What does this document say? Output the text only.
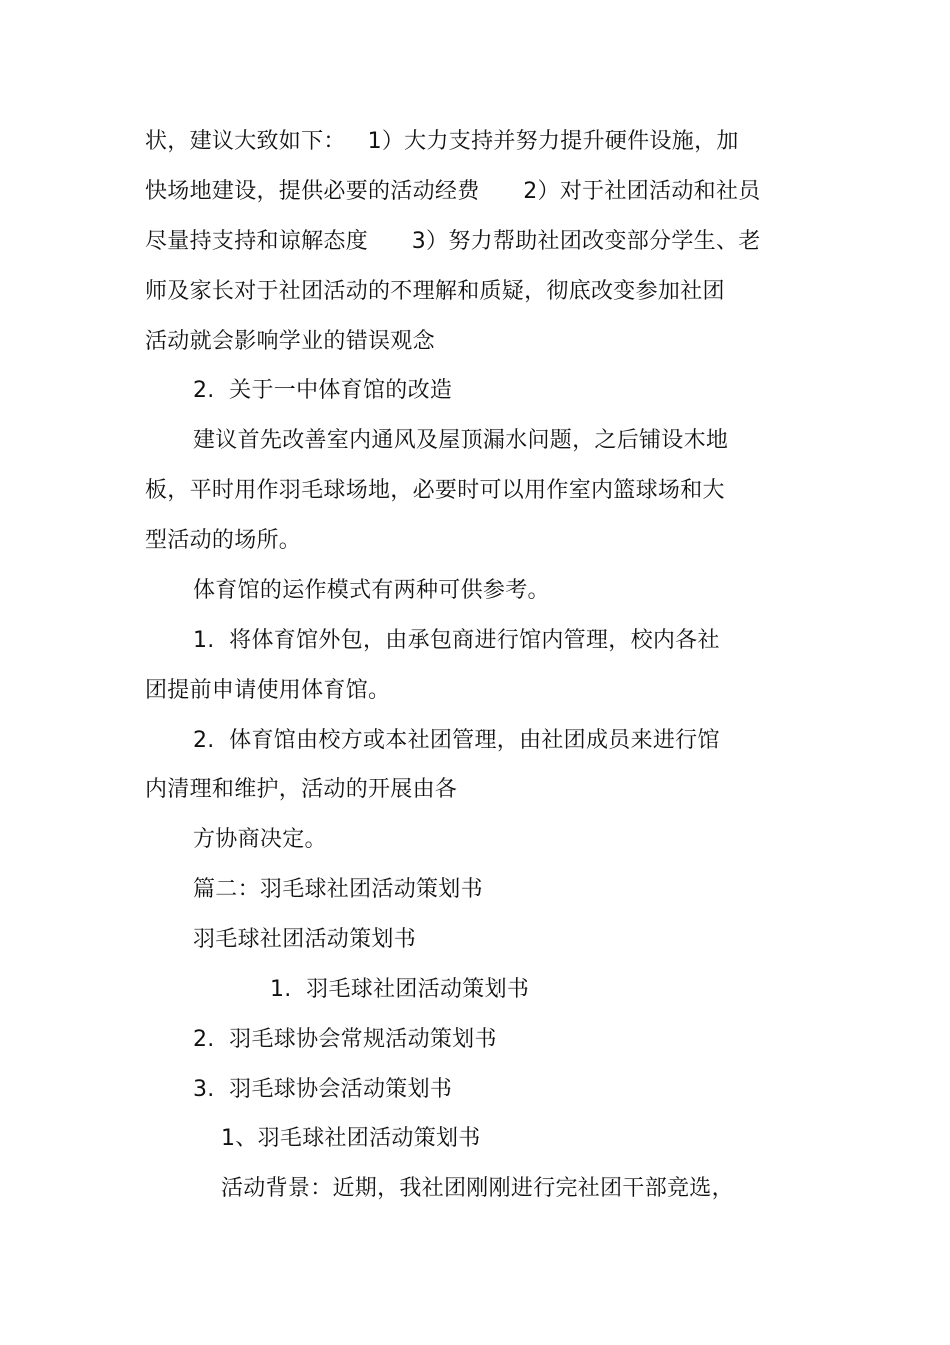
状，建议大致如下：   1）大力支持并努力提升硬件设施，加
快场地建设，提供必要的活动经费      2）对于社团活动和社员
尽量持支持和谅解态度      3）努力帮助社团改变部分学生、老
师及家长对于社团活动的不理解和质疑，彻底改变参加社团
活动就会影响学业的错误观念
2.  关于一中体育馆的改造
建议首先改善室内通风及屋顶漏水问题，之后铺设木地
板，平时用作羽毛球场地，必要时可以用作室内篮球场和大
型活动的场所。
体育馆的运作模式有两种可供参考。
1.  将体育馆外包，由承包商进行馆内管理，校内各社
团提前申请使用体育馆。
2.  体育馆由校方或本社团管理，由社团成员来进行馆
内清理和维护，活动的开展由各
方协商决定。
篇二：羽毛球社团活动策划书
羽毛球社团活动策划书
1.  羽毛球社团活动策划书
2.  羽毛球协会常规活动策划书
3.  羽毛球协会活动策划书
1、羽毛球社团活动策划书
活动背景：近期，我社团刚刚进行完社团干部竞选，
